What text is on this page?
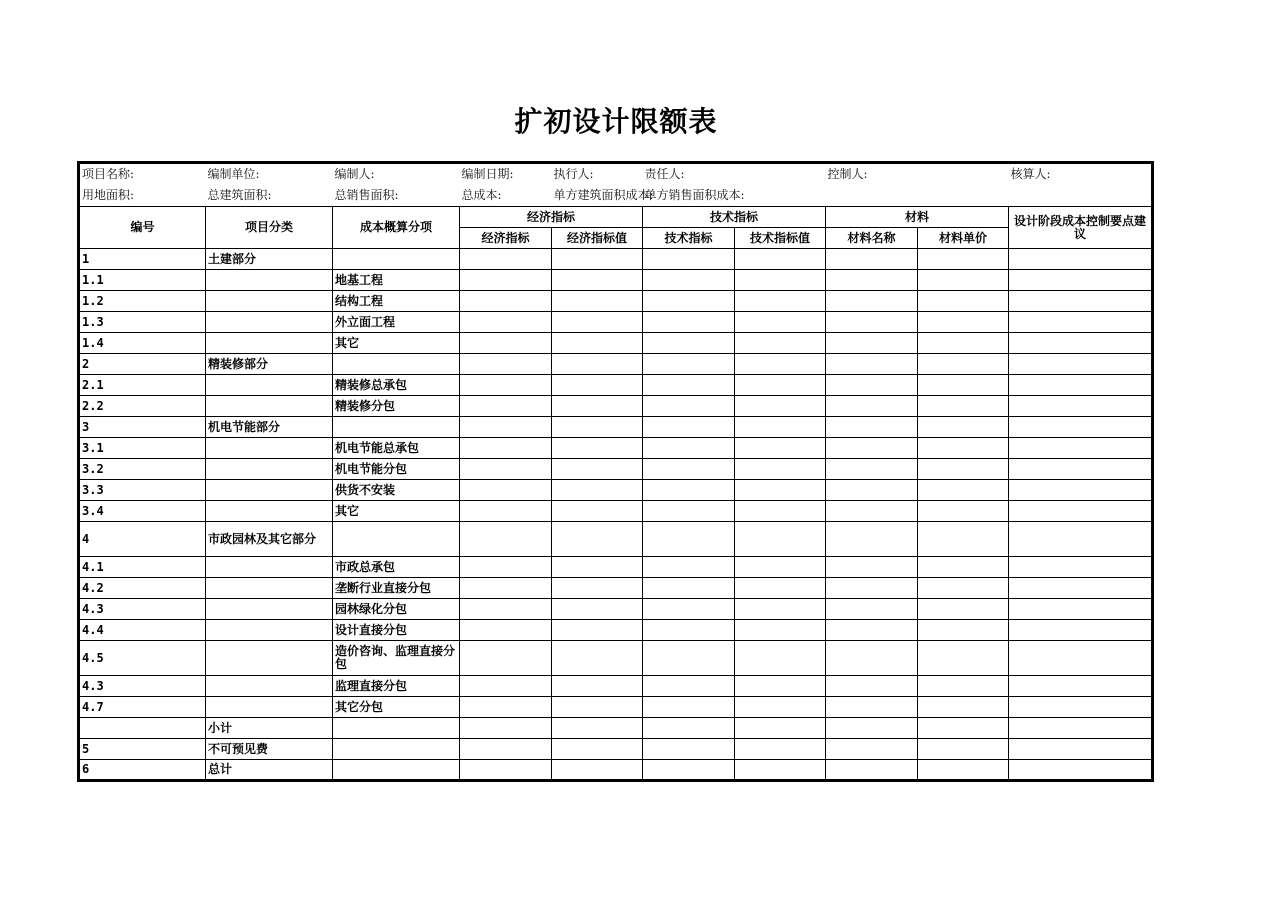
扩初设计限额表
项目名称:	编制单位:	编制人:	编制日期:	执行人:	责任人:		控制人:		核算人:
用地面积:	总建筑面积:	总销售面积:	总成本:	单方建筑面积成本:	单方销售面积成本:				
编号	项目分类	成本概算分项	经济指标		技术指标		材料		设计阶段成本控制要点建议
			经济指标	经济指标值	技术指标	技术指标值	材料名称	材料单价	
1	土建部分								
1.1		地基工程							
1.2		结构工程							
1.3		外立面工程							
1.4		其它							
2	精装修部分								
2.1		精装修总承包							
2.2		精装修分包							
3	机电节能部分								
3.1		机电节能总承包							
3.2		机电节能分包							
3.3		供货不安装							
3.4		其它							
4	市政园林及其它部分								
4.1		市政总承包							
4.2		垄断行业直接分包							
4.3		园林绿化分包							
4.4		设计直接分包							
4.5		造价咨询、监理直接分包							
4.3		监理直接分包							
4.7		其它分包							
	小计								
5	不可预见费								
6	总计								
